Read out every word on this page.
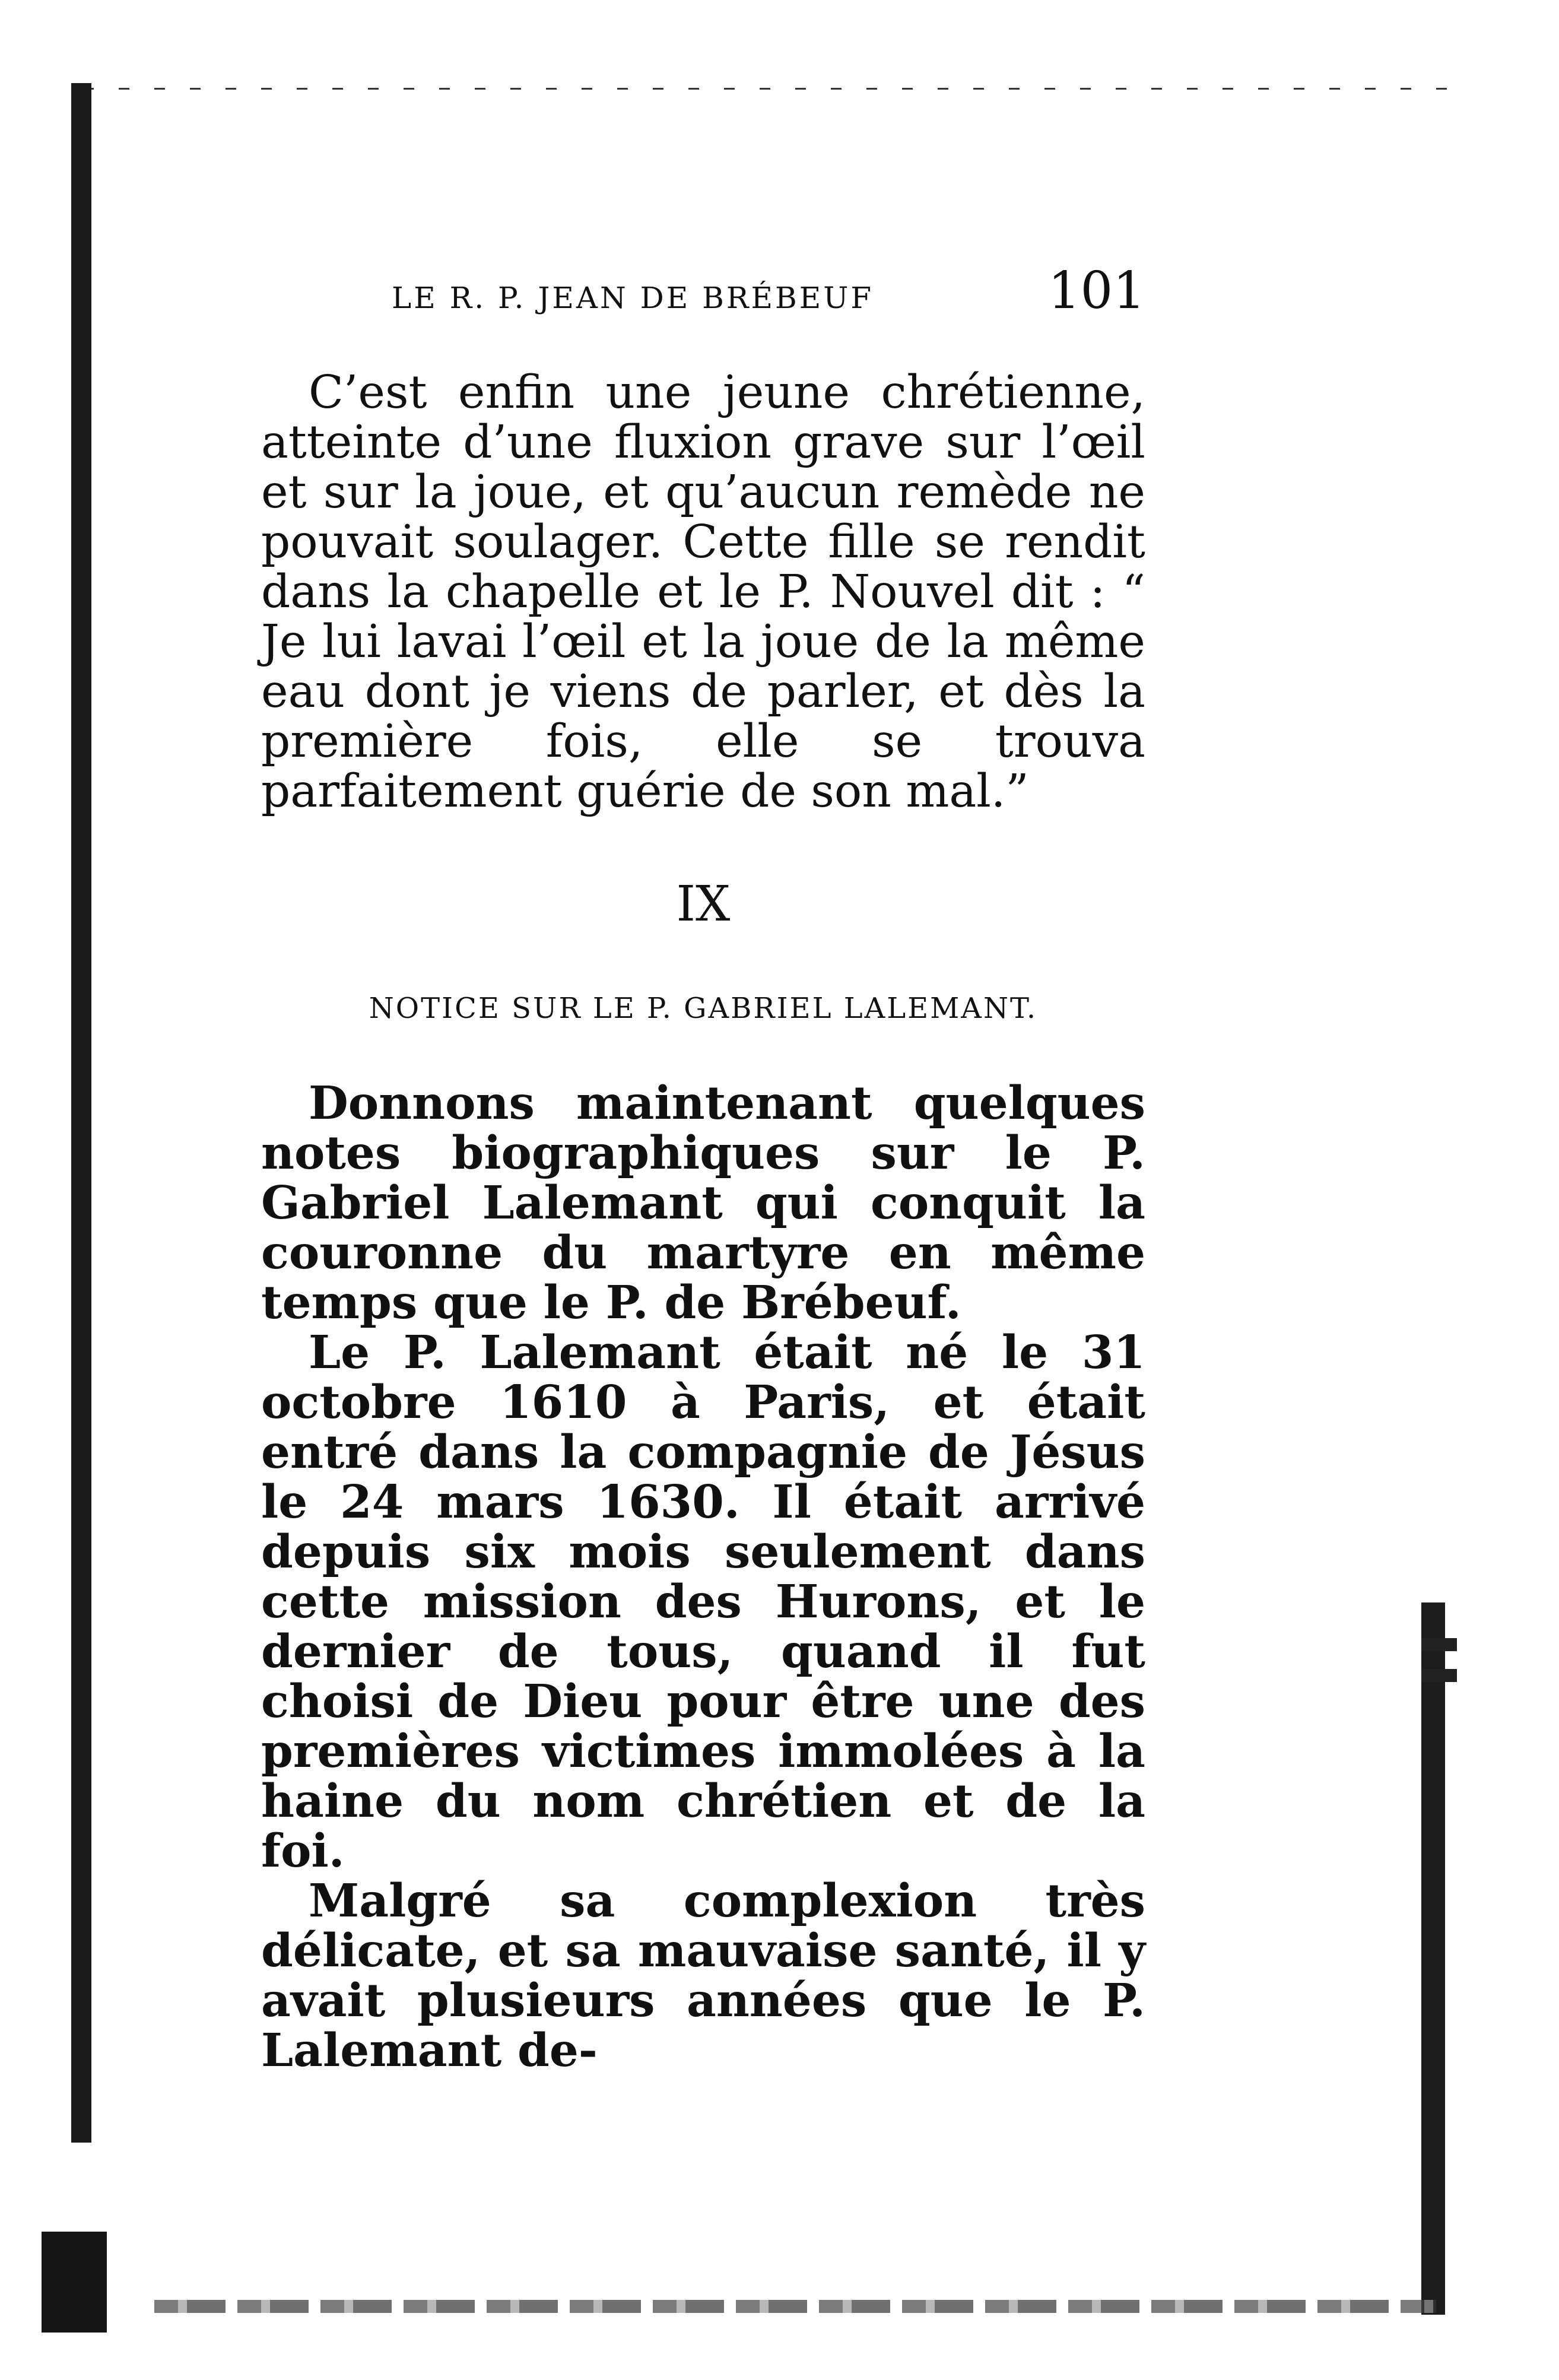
LE R. P. JEAN DE BRÉBEUF	101

C’est enfin une jeune chrétienne, atteinte d’une fluxion grave sur l’œil et sur la joue, et qu’aucun remède ne pouvait soulager. Cette fille se rendit dans la chapelle et le P. Nouvel dit : “ Je lui lavai l’œil et la joue de la même eau dont je viens de parler, et dès la première fois, elle se trouva parfaitement guérie de son mal.”

IX
NOTICE SUR LE P. GABRIEL LALEMANT.

Donnons maintenant quelques notes biographiques sur le P. Gabriel Lalemant qui conquit la couronne du martyre en même temps que le P. de Brébeuf.

Le P. Lalemant était né le 31 octobre 1610 à Paris, et était entré dans la compagnie de Jésus le 24 mars 1630. Il était arrivé depuis six mois seulement dans cette mission des Hurons, et le dernier de tous, quand il fut choisi de Dieu pour être une des premières victimes immolées à la haine du nom chrétien et de la foi.

Malgré sa complexion très délicate, et sa mauvaise santé, il y avait plusieurs années que le P. Lalemant de-
